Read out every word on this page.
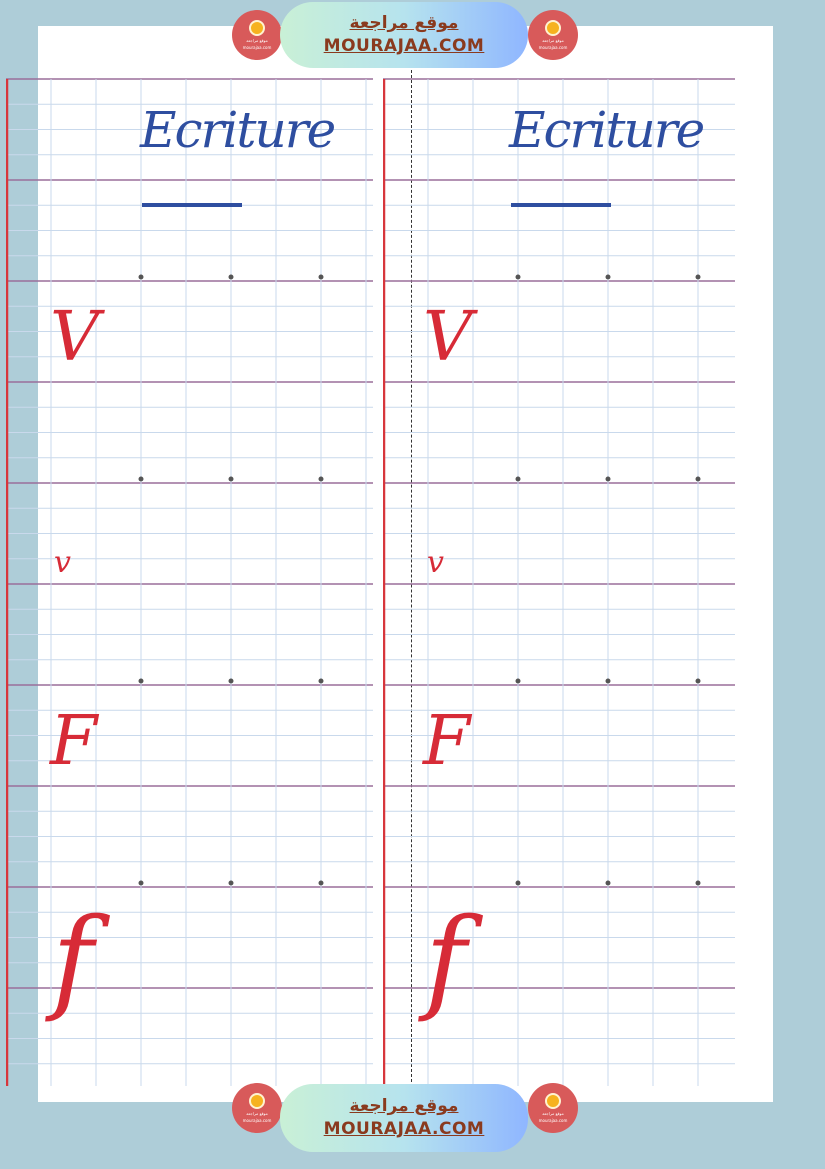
موقع مراجعة
mourajaa.com
موقع مراجعة
MOURAJAA.COM	موقع مراجعة
mourajaa.com
Ecriture
V
v
F
f
Ecriture
V
v
F
f
موقع مراجعة
mourajaa.com
موقع مراجعة
MOURAJAA.COM
موقع مراجعة
mourajaa.com
